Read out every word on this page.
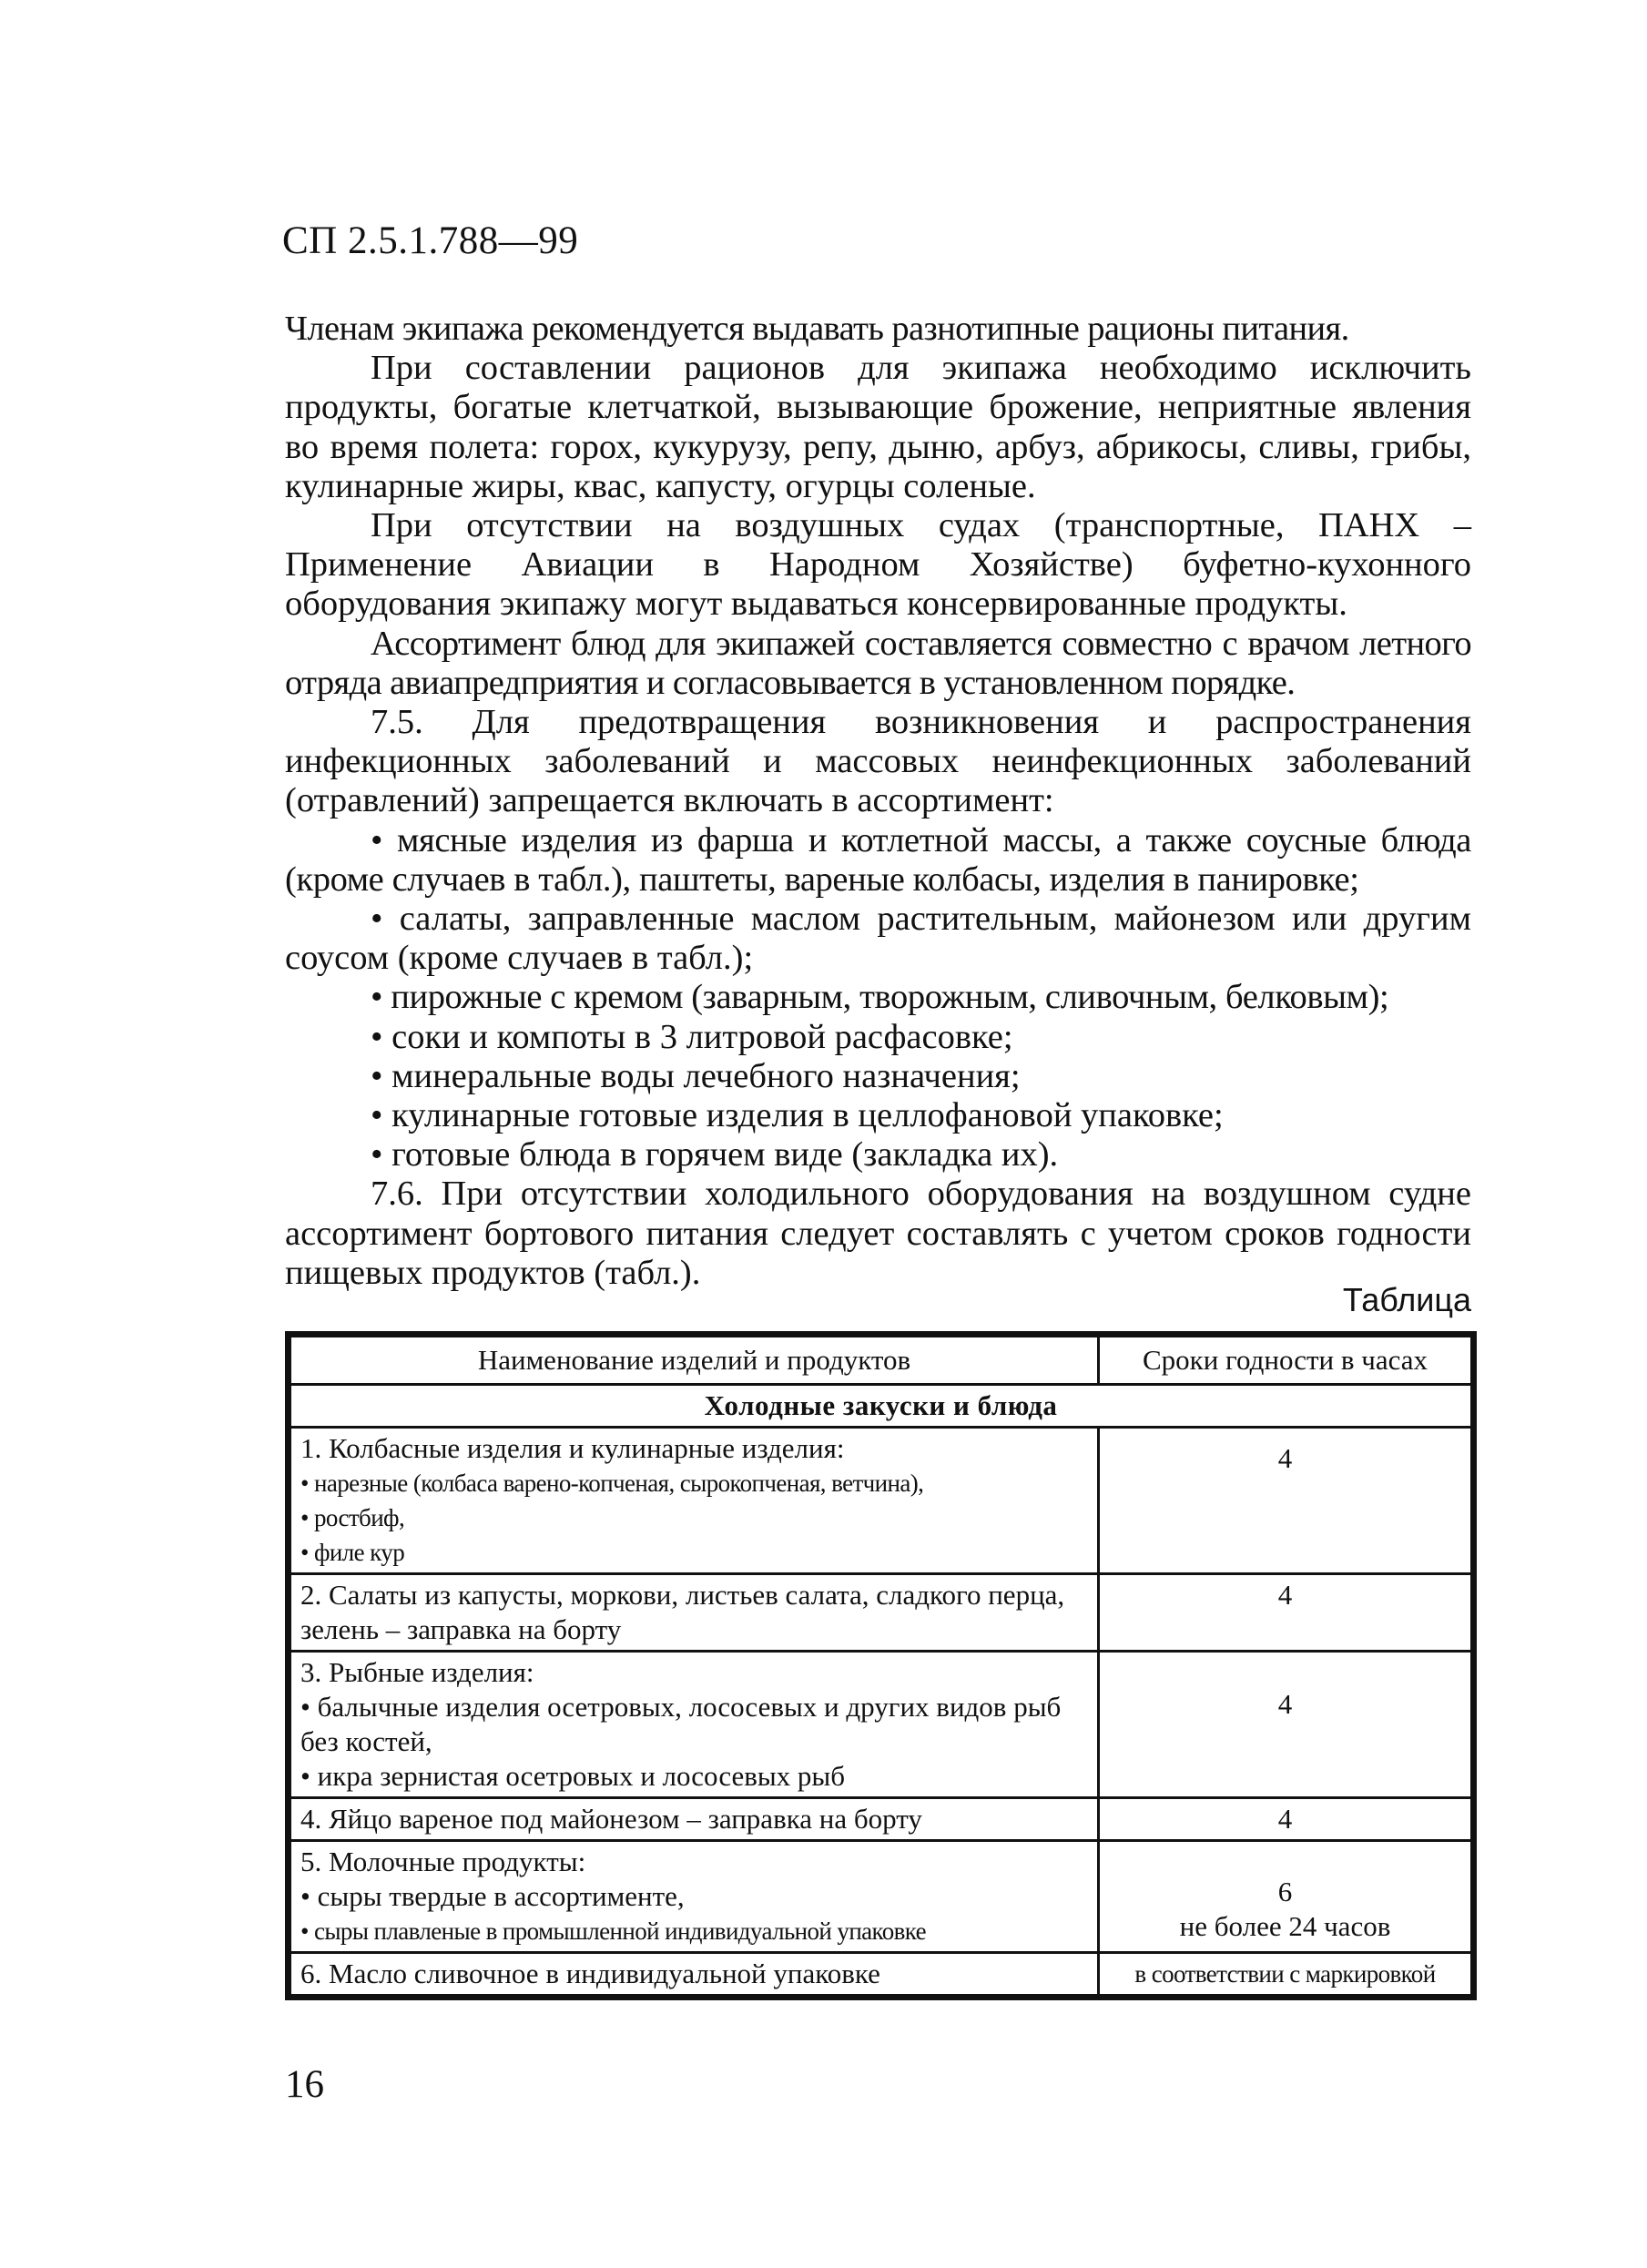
СП 2.5.1.788—99

Членам экипажа рекомендуется выдавать разнотипные рационы питания.

При составлении рационов для экипажа необходимо исключить продукты, богатые клетчаткой, вызывающие брожение, неприятные явления во время полета: горох, кукурузу, репу, дыню, арбуз, абрикосы, сливы, грибы, кулинарные жиры, квас, капусту, огурцы соленые.

При отсутствии на воздушных судах (транспортные, ПАНХ – Применение Авиации в Народном Хозяйстве) буфетно-кухонного оборудования экипажу могут выдаваться консервированные продукты.

Ассортимент блюд для экипажей составляется совместно с врачом летного отряда авиапредприятия и согласовывается в установленном порядке.

7.5. Для предотвращения возникновения и распространения инфекционных заболеваний и массовых неинфекционных заболеваний (отравлений) запрещается включать в ассортимент:

• мясные изделия из фарша и котлетной массы, а также соусные блюда (кроме случаев в табл.), паштеты, вареные колбасы, изделия в панировке;

• салаты, заправленные маслом растительным, майонезом или другим соусом (кроме случаев в табл.);

• пирожные с кремом (заварным, творожным, сливочным, белковым);

• соки и компоты в 3 литровой расфасовке;

• минеральные воды лечебного назначения;

• кулинарные готовые изделия в целлофановой упаковке;

• готовые блюда в горячем виде (закладка их).

7.6. При отсутствии холодильного оборудования на воздушном судне ассортимент бортового питания следует составлять с учетом сроков годности пищевых продуктов (табл.).

Таблица
Наименование изделий и продуктов	Сроки годности в часах
Холодные закуски и блюда	

1. Колбасные изделия и кулинарные изделия:
• нарезные (колбаса варено-копченая, сырокопченая, ветчина),
• ростбиф,
• филе кур	4

2. Салаты из капусты, моркови, листьев салата, сладкого перца, зелень – заправка на борту	4

3. Рыбные изделия:
• балычные изделия осетровых, лососевых и других видов рыб без костей,
• икра зернистая осетровых и лососевых рыб	4

4. Яйцо вареное под майонезом – заправка на борту	4

5. Молочные продукты:
• сыры твердые в ассортименте,
• сыры плавленые в промышленной индивидуальной упаковке	6
не более 24 часов

6. Масло сливочное в индивидуальной упаковке	в соответствии с маркировкой
16
